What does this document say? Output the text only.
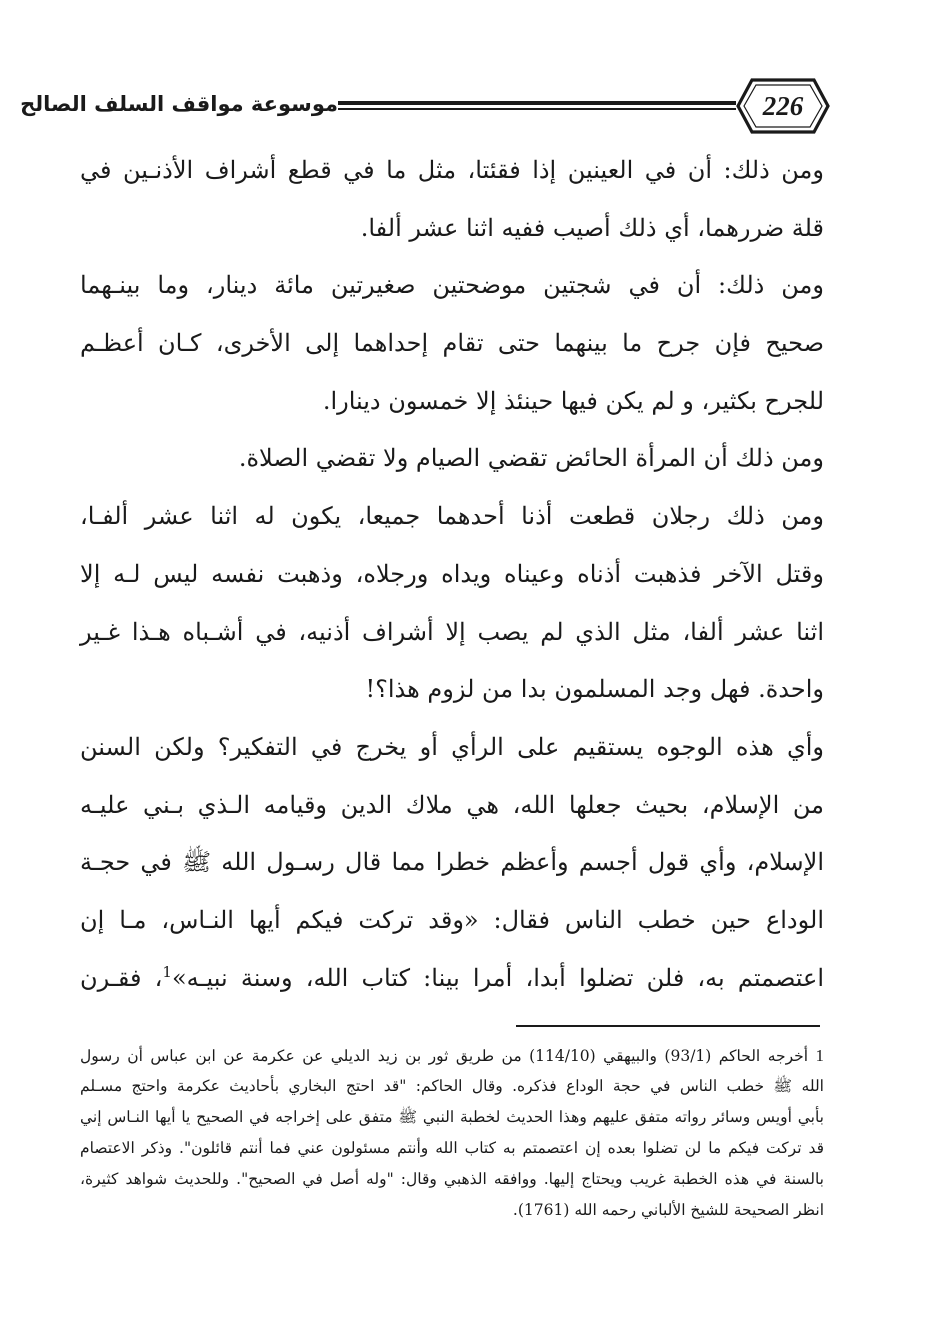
موسوعة مواقف السلف الصالح	226
ومن ذلك: أن في العينين إذا فقئتا، مثل ما في قطع أشراف الأذنـين في
قلة ضررهما، أي ذلك أصيب ففيه اثنا عشر ألفا.
ومن ذلك: أن في شجتين موضحتين صغيرتين مائة دينار، وما بينـهما
صحيح فإن جرح ما بينهما حتى تقام إحداهما إلى الأخرى، كـان أعظـم
للجرح بكثير، و لم يكن فيها حينئذ إلا خمسون دينارا.
ومن ذلك أن المرأة الحائض تقضي الصيام ولا تقضي الصلاة.
ومن ذلك رجلان قطعت أذنا أحدهما جميعا، يكون له اثنا عشر ألفـا،
وقتل الآخر فذهبت أذناه وعيناه ويداه ورجلاه، وذهبت نفسه ليس لـه إلا
اثنا عشر ألفا، مثل الذي لم يصب إلا أشراف أذنيه، في أشـباه هـذا غـير
واحدة. فهل وجد المسلمون بدا من لزوم هذا؟!
وأي هذه الوجوه يستقيم على الرأي أو يخرج في التفكير؟ ولكن السنن
من الإسلام، بحيث جعلها الله، هي ملاك الدين وقيامه الـذي بـني عليـه
الإسلام، وأي قول أجسم وأعظم خطرا مما قال رسـول الله ﷺ في حجـة
الوداع حين خطب الناس فقال: «وقد تركت فيكم أيها النـاس، مـا إن
اعتصمتم به، فلن تضلوا أبدا، أمرا بينا: كتاب الله، وسنة نبيـه»$^1$، فقـرن
1 أخرجه الحاكم (93/1) والبيهقي (114/10) من طريق ثور بن زيد الديلي عن عكرمة عن ابن عباس أن رسول
الله ﷺ خطب الناس في حجة الوداع فذكره. وقال الحاكم: "قد احتج البخاري بأحاديث عكرمة واحتج مسـلم
بأبي أويس وسائر رواته متفق عليهم وهذا الحديث لخطبة النبي ﷺ متفق على إخراجه في الصحيح يا أيها النـاس إني
قد تركت فيكم ما لن تضلوا بعده إن اعتصمتم به كتاب الله وأنتم مسئولون عني فما أنتم قائلون". وذكر الاعتصام
بالسنة في هذه الخطبة غريب ويحتاج إليها. ووافقه الذهبي وقال: "وله أصل في الصحيح". وللحديث شواهد كثيرة،
انظر الصحيحة للشيخ الألباني رحمه الله (1761).
